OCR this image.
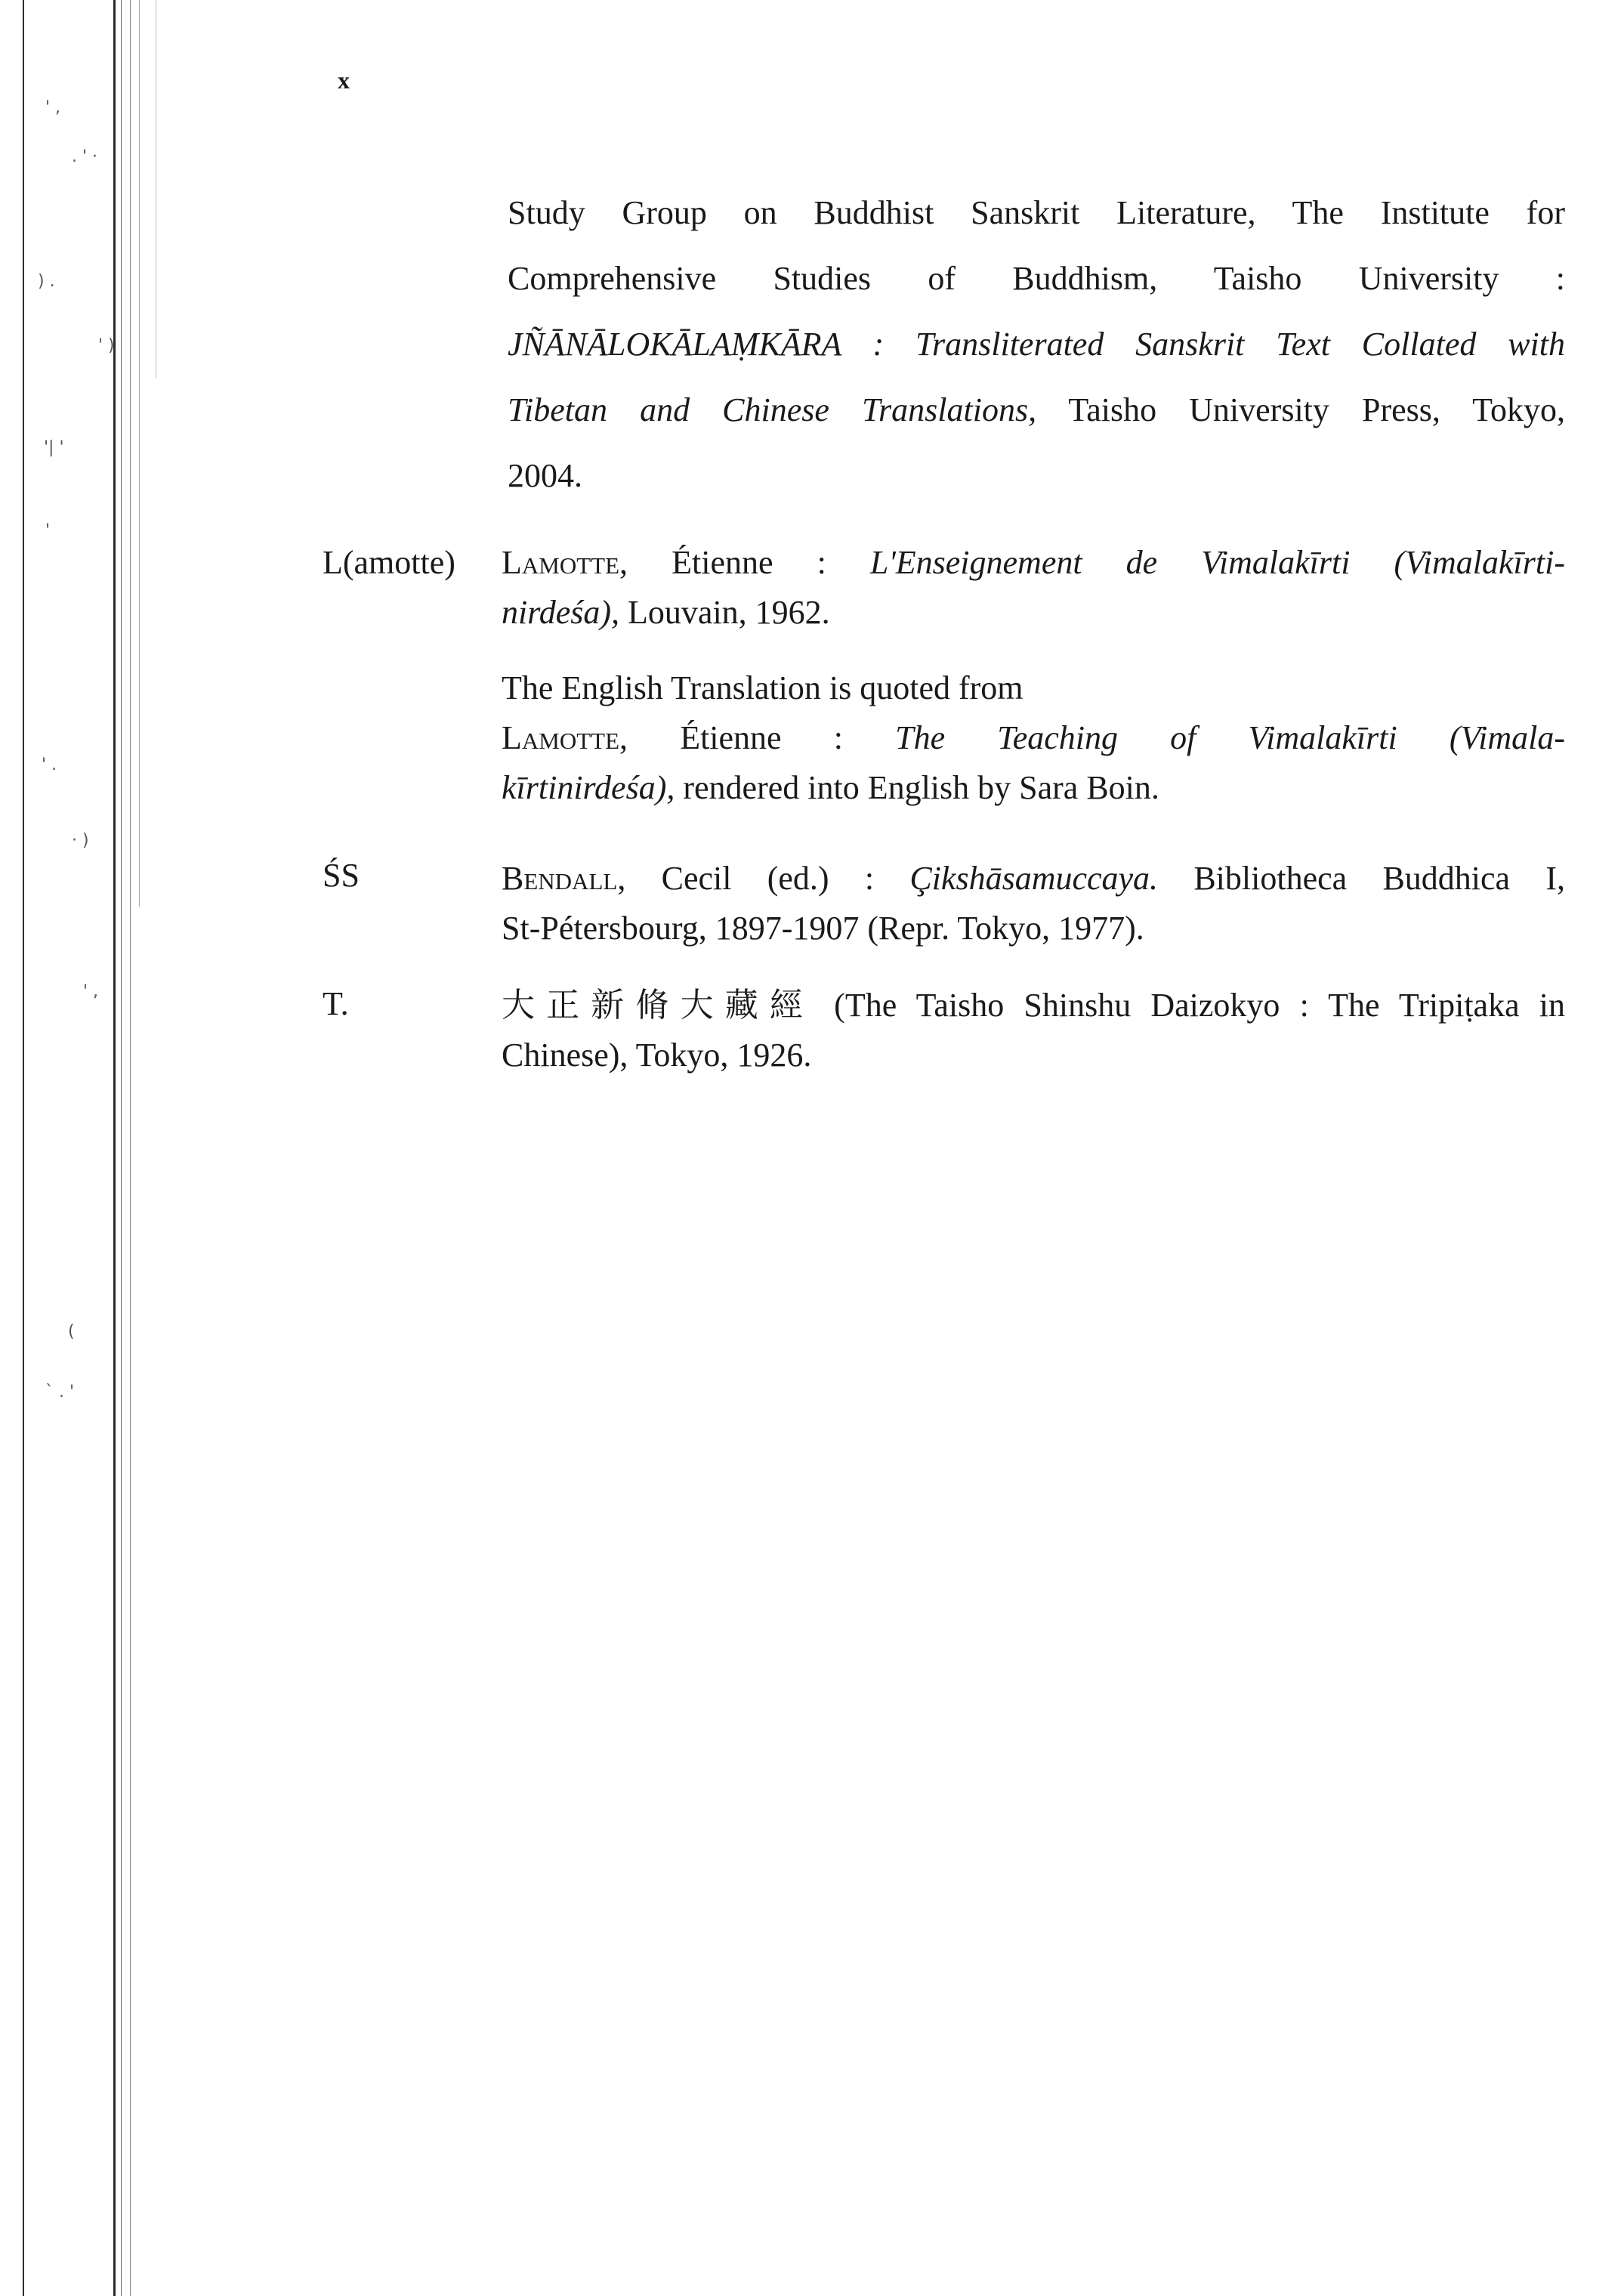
' ,
. ' ·
) .
' )
'| '
'
' .
· )
' ,
(
` . '
x
Study Group on Buddhist Sanskrit Literature, The Institute for
Comprehensive Studies of Buddhism, Taisho University :
JÑĀNĀLOKĀLAṂKĀRA : Transliterated Sanskrit Text Collated with
Tibetan and Chinese Translations, Taisho University Press, Tokyo,
2004.
L(amotte) Lamotte, Étienne : L'Enseignement de Vimalakīrti (Vimalakīrti-
nirdeśa), Louvain, 1962.
The English Translation is quoted from
Lamotte, Étienne : The Teaching of Vimalakīrti (Vimala-
kīrtinirdeśa), rendered into English by Sara Boin.
ŚS	Bendall, Cecil (ed.) : Çikshāsamuccaya. Bibliotheca Buddhica I,
St-Pétersbourg, 1897-1907 (Repr. Tokyo, 1977).
T.	大正新脩大藏經 (The Taisho Shinshu Daizokyo : The Tripiṭaka in
Chinese), Tokyo, 1926.
